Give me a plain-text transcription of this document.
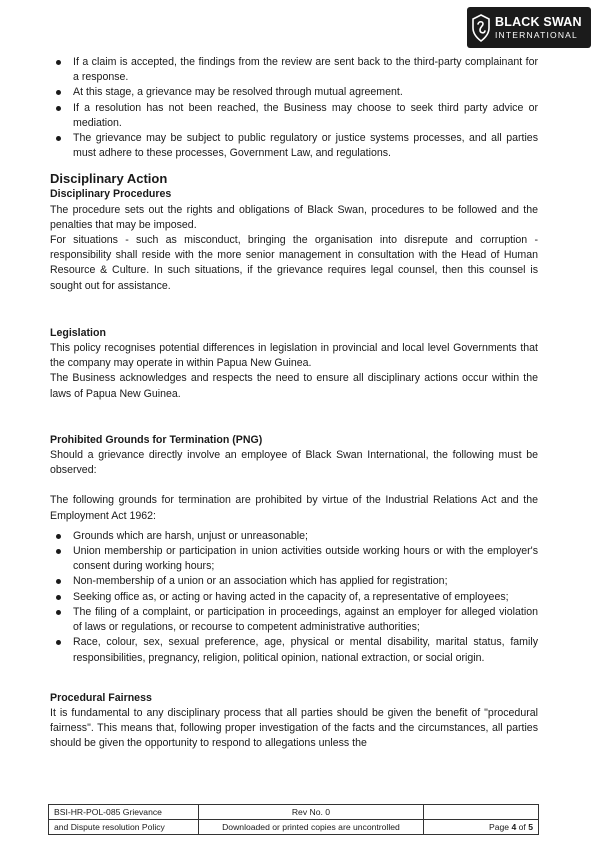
BLACK SWAN
INTERNATIONAL
If a claim is accepted, the findings from the review are sent back to the third-party complainant for a response.
At this stage, a grievance may be resolved through mutual agreement.
If a resolution has not been reached, the Business may choose to seek third party advice or mediation.
The grievance may be subject to public regulatory or justice systems processes, and all parties must adhere to these processes, Government Law, and regulations.
Disciplinary Action
Disciplinary Procedures

The procedure sets out the rights and obligations of Black Swan, procedures to be followed and the penalties that may be imposed.

For situations - such as misconduct, bringing the organisation into disrepute and corruption - responsibility shall reside with the more senior management in consultation with the Head of Human Resource & Culture. In such situations, if the grievance requires legal counsel, then this counsel is sought out for assistance.

Legislation

This policy recognises potential differences in legislation in provincial and local level Governments that the company may operate in within Papua New Guinea.

The Business acknowledges and respects the need to ensure all disciplinary actions occur within the laws of Papua New Guinea.

Prohibited Grounds for Termination (PNG)

Should a grievance directly involve an employee of Black Swan International, the following must be observed:

The following grounds for termination are prohibited by virtue of the Industrial Relations Act and the Employment Act 1962:

Grounds which are harsh, unjust or unreasonable;
Union membership or participation in union activities outside working hours or with the employer's consent during working hours;
Non-membership of a union or an association which has applied for registration;
Seeking office as, or acting or having acted in the capacity of, a representative of employees;
The filing of a complaint, or participation in proceedings, against an employer for alleged violation of laws or regulations, or recourse to competent administrative authorities;
Race, colour, sex, sexual preference, age, physical or mental disability, marital status, family responsibilities, pregnancy, religion, political opinion, national extraction, or social origin.
Procedural Fairness

It is fundamental to any disciplinary process that all parties should be given the benefit of "procedural fairness". This means that, following proper investigation of the facts and the circumstances, all parties should be given the opportunity to respond to allegations unless the

BSI-HR-POL-085 Grievance	Rev No. 0	
and Dispute resolution Policy	Downloaded or printed copies are uncontrolled	Page 4 of 5
